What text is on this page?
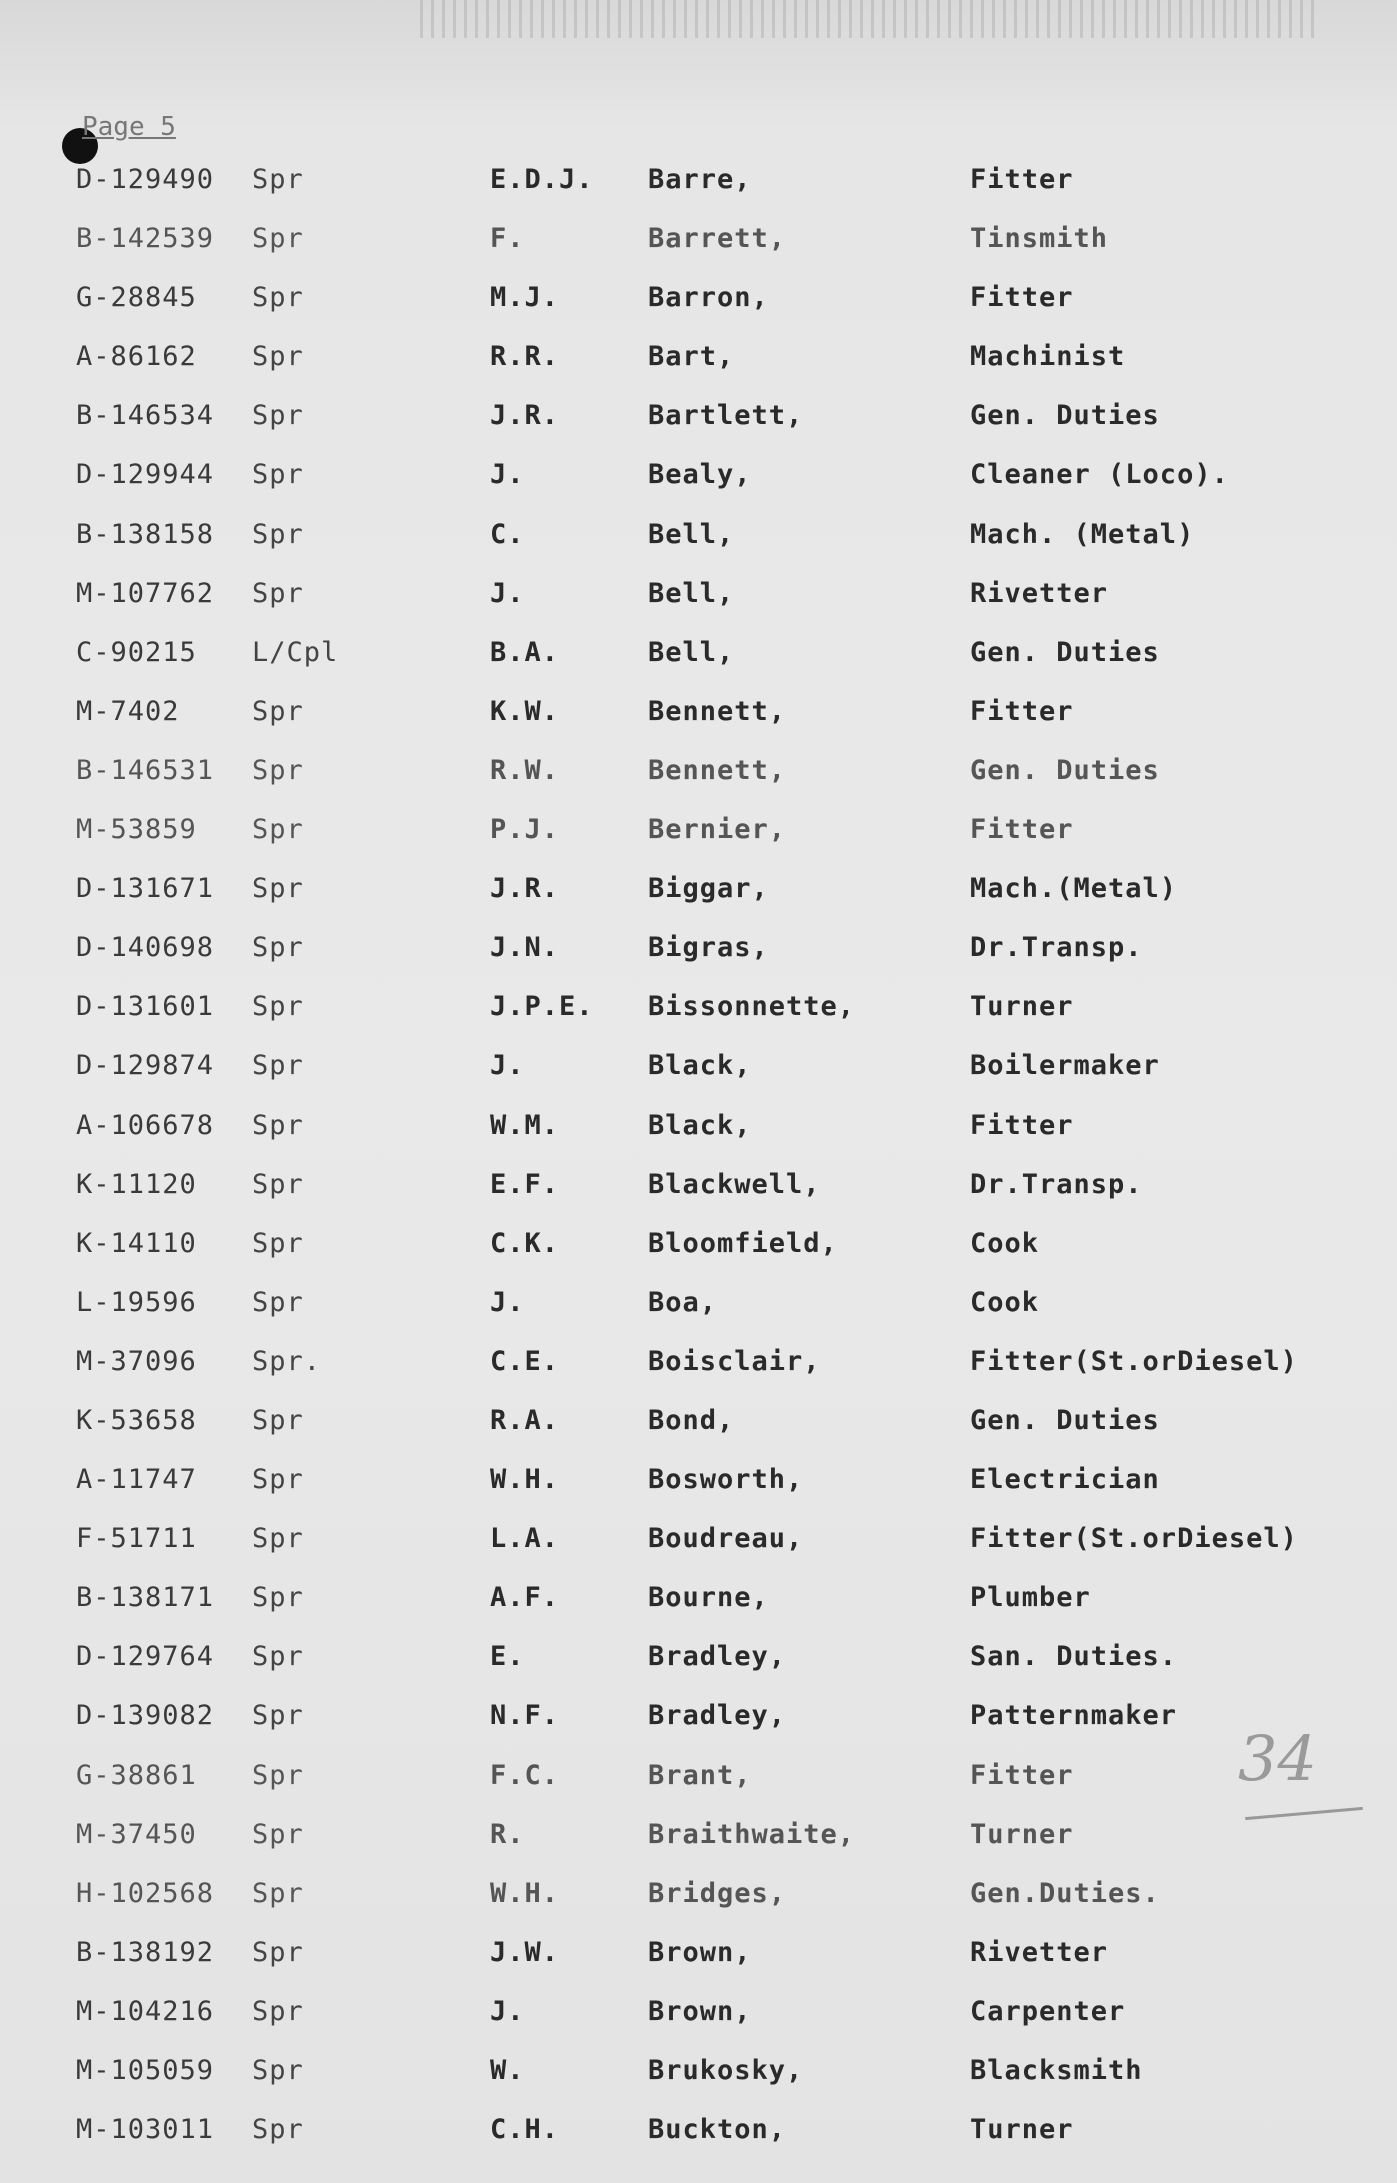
Page 5
D-129490 Spr	E.D.J. Barre,	Fitter
B-142539 Spr	F.	Barrett,	Tinsmith
G-28845 Spr	M.J.	Barron,	Fitter
A-86162 Spr	R.R.	Bart,	Machinist
B-146534 Spr	J.R.	Bartlett,	Gen. Duties
D-129944 Spr	J.	Bealy,	Cleaner (Loco).
B-138158 Spr	C.	Bell,	Mach. (Metal)
M-107762 Spr	J.	Bell,	Rivetter
C-90215 L/Cpl	B.A.	Bell,	Gen. Duties
M-7402	Spr	K.W.	Bennett,	Fitter
B-146531 Spr	R.W.	Bennett,	Gen. Duties
M-53859 Spr	P.J.	Bernier,	Fitter
D-131671 Spr	J.R.	Biggar,	Mach.(Metal)
D-140698 Spr	J.N.	Bigras,	Dr.Transp.
D-131601 Spr	J.P.E. Bissonnette,	Turner
D-129874 Spr	J.	Black,	Boilermaker
A-106678 Spr	W.M.	Black,	Fitter
K-11120 Spr	E.F.	Blackwell,	Dr.Transp.
K-14110 Spr	C.K.	Bloomfield,	Cook
L-19596 Spr	J.	Boa,	Cook
M-37096 Spr.	C.E.	Boisclair,	Fitter(St.orDiesel)
K-53658 Spr	R.A.	Bond,	Gen. Duties
A-11747 Spr	W.H.	Bosworth,	Electrician
F-51711 Spr	L.A.	Boudreau,	Fitter(St.orDiesel)
B-138171 Spr	A.F.	Bourne,	Plumber
D-129764 Spr	E.	Bradley,	San. Duties.
D-139082 Spr	N.F.	Bradley,	Patternmaker
G-38861 Spr	F.C.	Brant,	Fitter
M-37450 Spr	R.	Braithwaite,	Turner
H-102568 Spr	W.H.	Bridges,	Gen.Duties.
B-138192 Spr	J.W.	Brown,	Rivetter
M-104216 Spr	J.	Brown,	Carpenter
M-105059 Spr	W.	Brukosky,	Blacksmith
M-103011 Spr	C.H.	Buckton,	Turner
34
